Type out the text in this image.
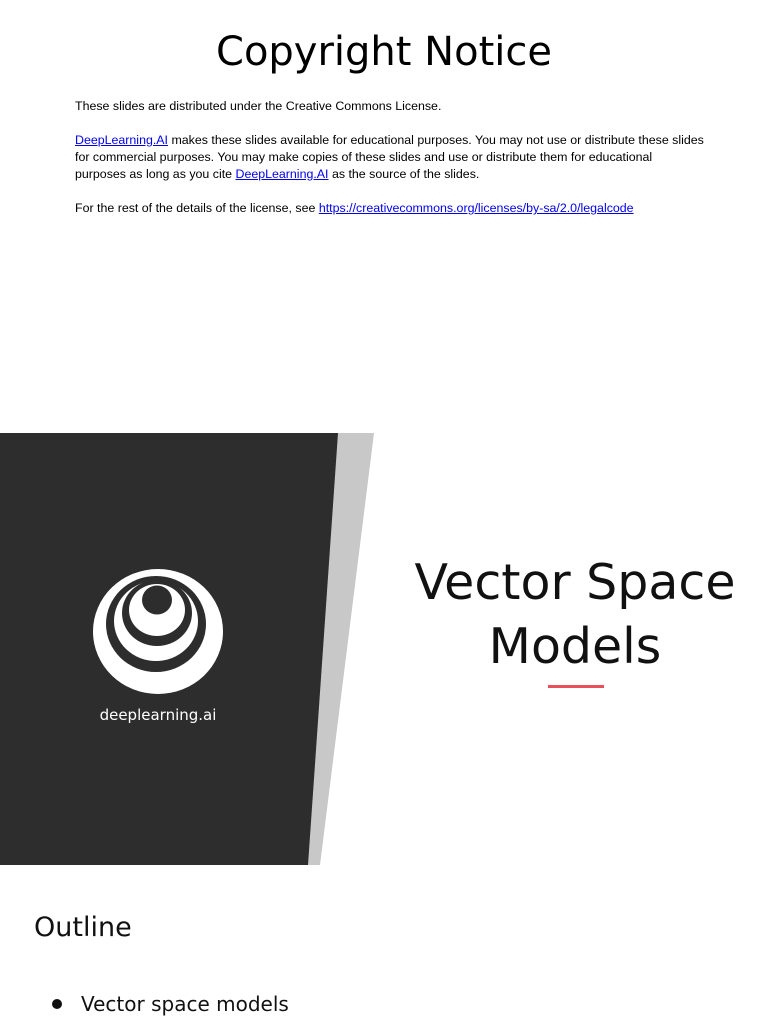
Copyright Notice

These slides are distributed under the Creative Commons License.

DeepLearning.AI makes these slides available for educational purposes. You may not use or distribute these slides for commercial purposes. You may make copies of these slides and use or distribute them for educational purposes as long as you cite DeepLearning.AI as the source of the slides.

For the rest of the details of the license, see https://creativecommons.org/licenses/by-sa/2.0/legalcode

deeplearning.ai
Vector Space
Models
Outline
Vector space models
